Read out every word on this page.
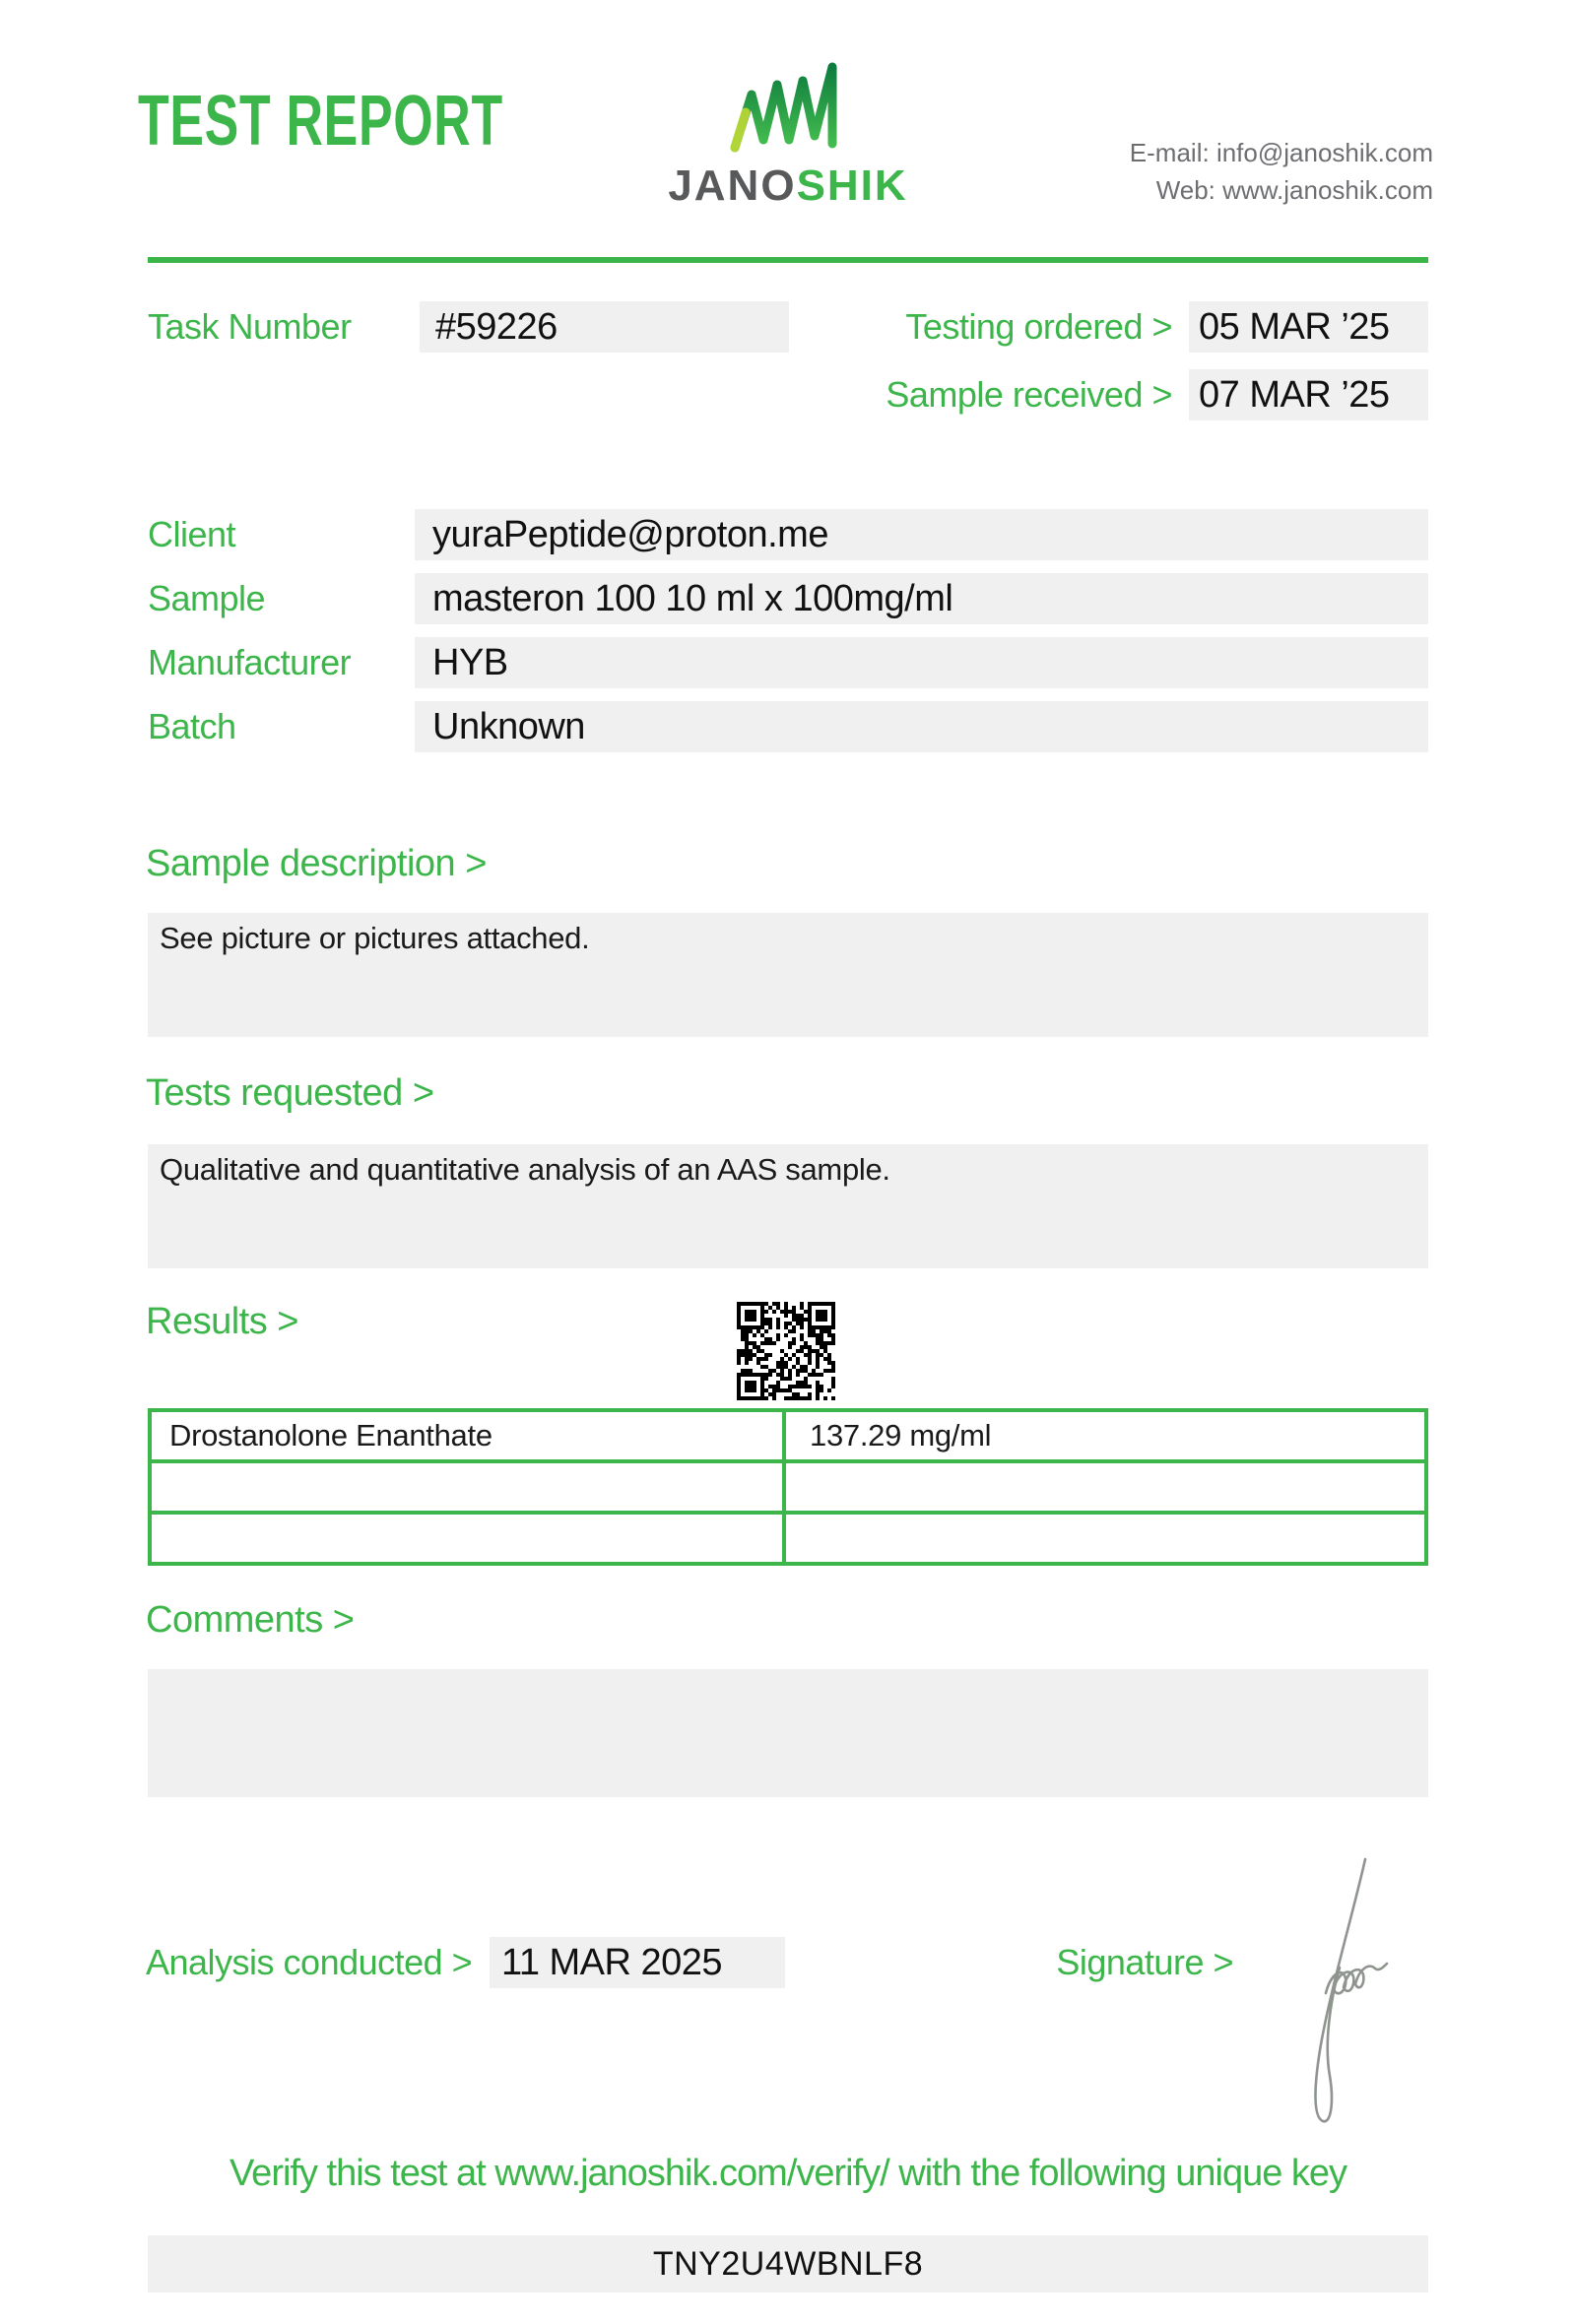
TEST REPORT
JANOSHIK
E-mail: info@janoshik.com
Web: www.janoshik.com
Task Number	#59226	Testing ordered > 05 MAR ’25
Sample received > 07 MAR ’25
Client	yuraPeptide@proton.me
Sample	masteron 100 10 ml x 100mg/ml
Manufacturer	HYB
Batch	Unknown
Sample description >
See picture or pictures attached.
Tests requested >
Qualitative and quantitative analysis of an AAS sample.
Results >
Drostanolone Enanthate	137.29 mg/ml
Comments >
Analysis conducted > 11 MAR 2025	Signature >
Verify this test at www.janoshik.com/verify/ with the following unique key
TNY2U4WBNLF8
